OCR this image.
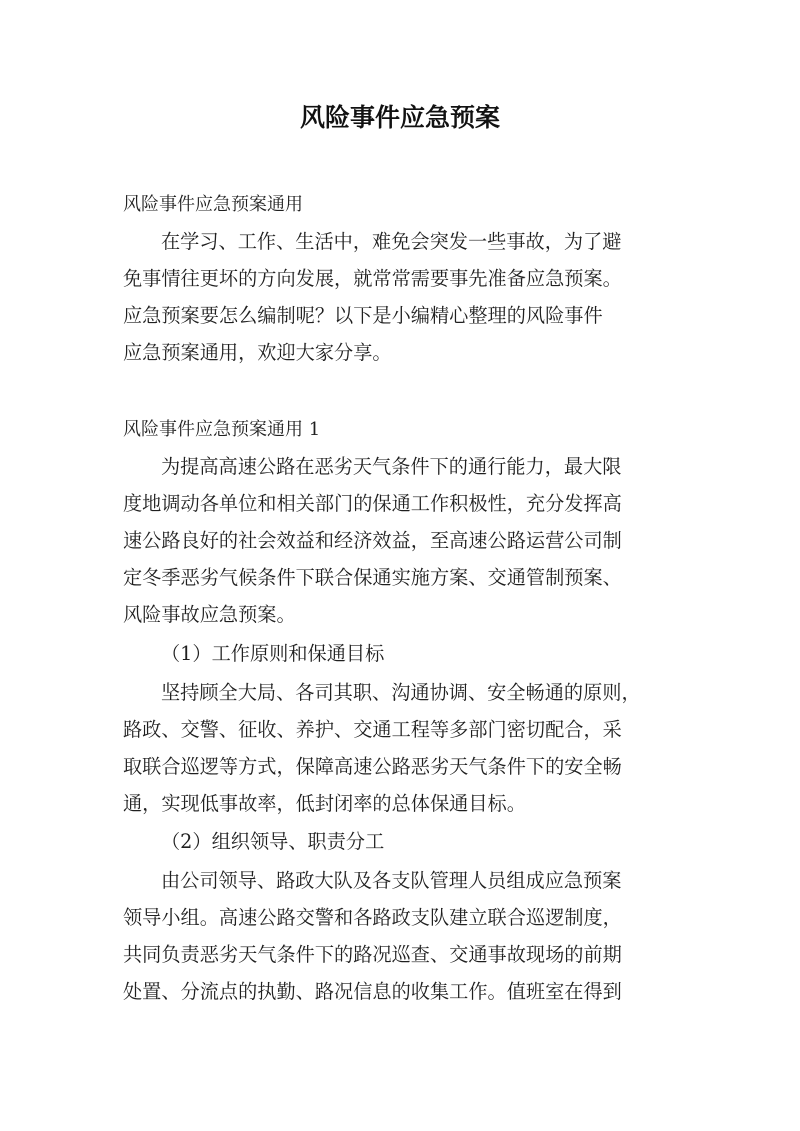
风险事件应急预案
风险事件应急预案通用
在学习、工作、生活中，难免会突发一些事故，为了避
免事情往更坏的方向发展，就常常需要事先准备应急预案。
应急预案要怎么编制呢？以下是小编精心整理的风险事件
应急预案通用，欢迎大家分享。
风险事件应急预案通用 1
为提高高速公路在恶劣天气条件下的通行能力，最大限
度地调动各单位和相关部门的保通工作积极性，充分发挥高
速公路良好的社会效益和经济效益，至高速公路运营公司制
定冬季恶劣气候条件下联合保通实施方案、交通管制预案、
风险事故应急预案。
（1）工作原则和保通目标
坚持顾全大局、各司其职、沟通协调、安全畅通的原则，
路政、交警、征收、养护、交通工程等多部门密切配合，采
取联合巡逻等方式，保障高速公路恶劣天气条件下的安全畅
通，实现低事故率，低封闭率的总体保通目标。
（2）组织领导、职责分工
由公司领导、路政大队及各支队管理人员组成应急预案
领导小组。高速公路交警和各路政支队建立联合巡逻制度，
共同负责恶劣天气条件下的路况巡查、交通事故现场的前期
处置、分流点的执勤、路况信息的收集工作。值班室在得到
